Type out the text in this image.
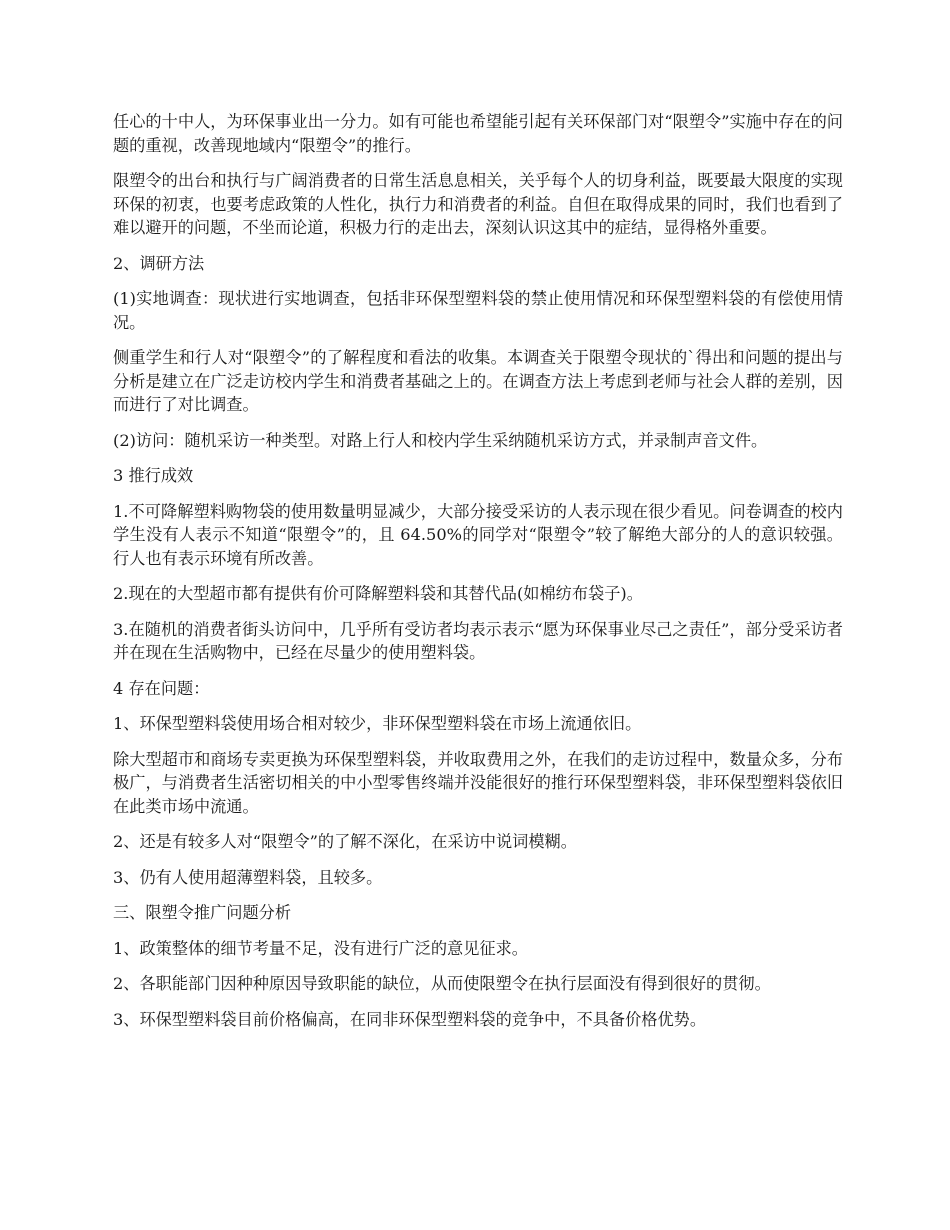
任心的十中人，为环保事业出一分力。如有可能也希望能引起有关环保部门对“限塑令”实施中存在的问题的重视，改善现地域内“限塑令”的推行。

限塑令的出台和执行与广阔消费者的日常生活息息相关，关乎每个人的切身利益，既要最大限度的实现环保的初衷，也要考虑政策的人性化，执行力和消费者的利益。自但在取得成果的同时，我们也看到了难以避开的问题，不坐而论道，积极力行的走出去，深刻认识这其中的症结，显得格外重要。

2、调研方法

(1)实地调查：现状进行实地调查，包括非环保型塑料袋的禁止使用情况和环保型塑料袋的有偿使用情况。

侧重学生和行人对“限塑令”的了解程度和看法的收集。本调查关于限塑令现状的`得出和问题的提出与分析是建立在广泛走访校内学生和消费者基础之上的。在调查方法上考虑到老师与社会人群的差别，因而进行了对比调查。

(2)访问：随机采访一种类型。对路上行人和校内学生采纳随机采访方式，并录制声音文件。

3 推行成效

1.不可降解塑料购物袋的使用数量明显减少，大部分接受采访的人表示现在很少看见。问卷调查的校内学生没有人表示不知道“限塑令”的，且 64.50%的同学对“限塑令”较了解绝大部分的人的意识较强。 行人也有表示环境有所改善。

2.现在的大型超市都有提供有价可降解塑料袋和其替代品(如棉纺布袋子)。

3.在随机的消费者街头访问中，几乎所有受访者均表示表示“愿为环保事业尽己之责任”，部分受采访者并在现在生活购物中，已经在尽量少的使用塑料袋。

4 存在问题：

1、环保型塑料袋使用场合相对较少，非环保型塑料袋在市场上流通依旧。

除大型超市和商场专卖更换为环保型塑料袋，并收取费用之外，在我们的走访过程中，数量众多，分布极广，与消费者生活密切相关的中小型零售终端并没能很好的推行环保型塑料袋，非环保型塑料袋依旧在此类市场中流通。

2、还是有较多人对“限塑令”的了解不深化，在采访中说词模糊。

3、仍有人使用超薄塑料袋，且较多。

三、限塑令推广问题分析

1、政策整体的细节考量不足，没有进行广泛的意见征求。

2、各职能部门因种种原因导致职能的缺位，从而使限塑令在执行层面没有得到很好的贯彻。

3、环保型塑料袋目前价格偏高，在同非环保型塑料袋的竞争中，不具备价格优势。
